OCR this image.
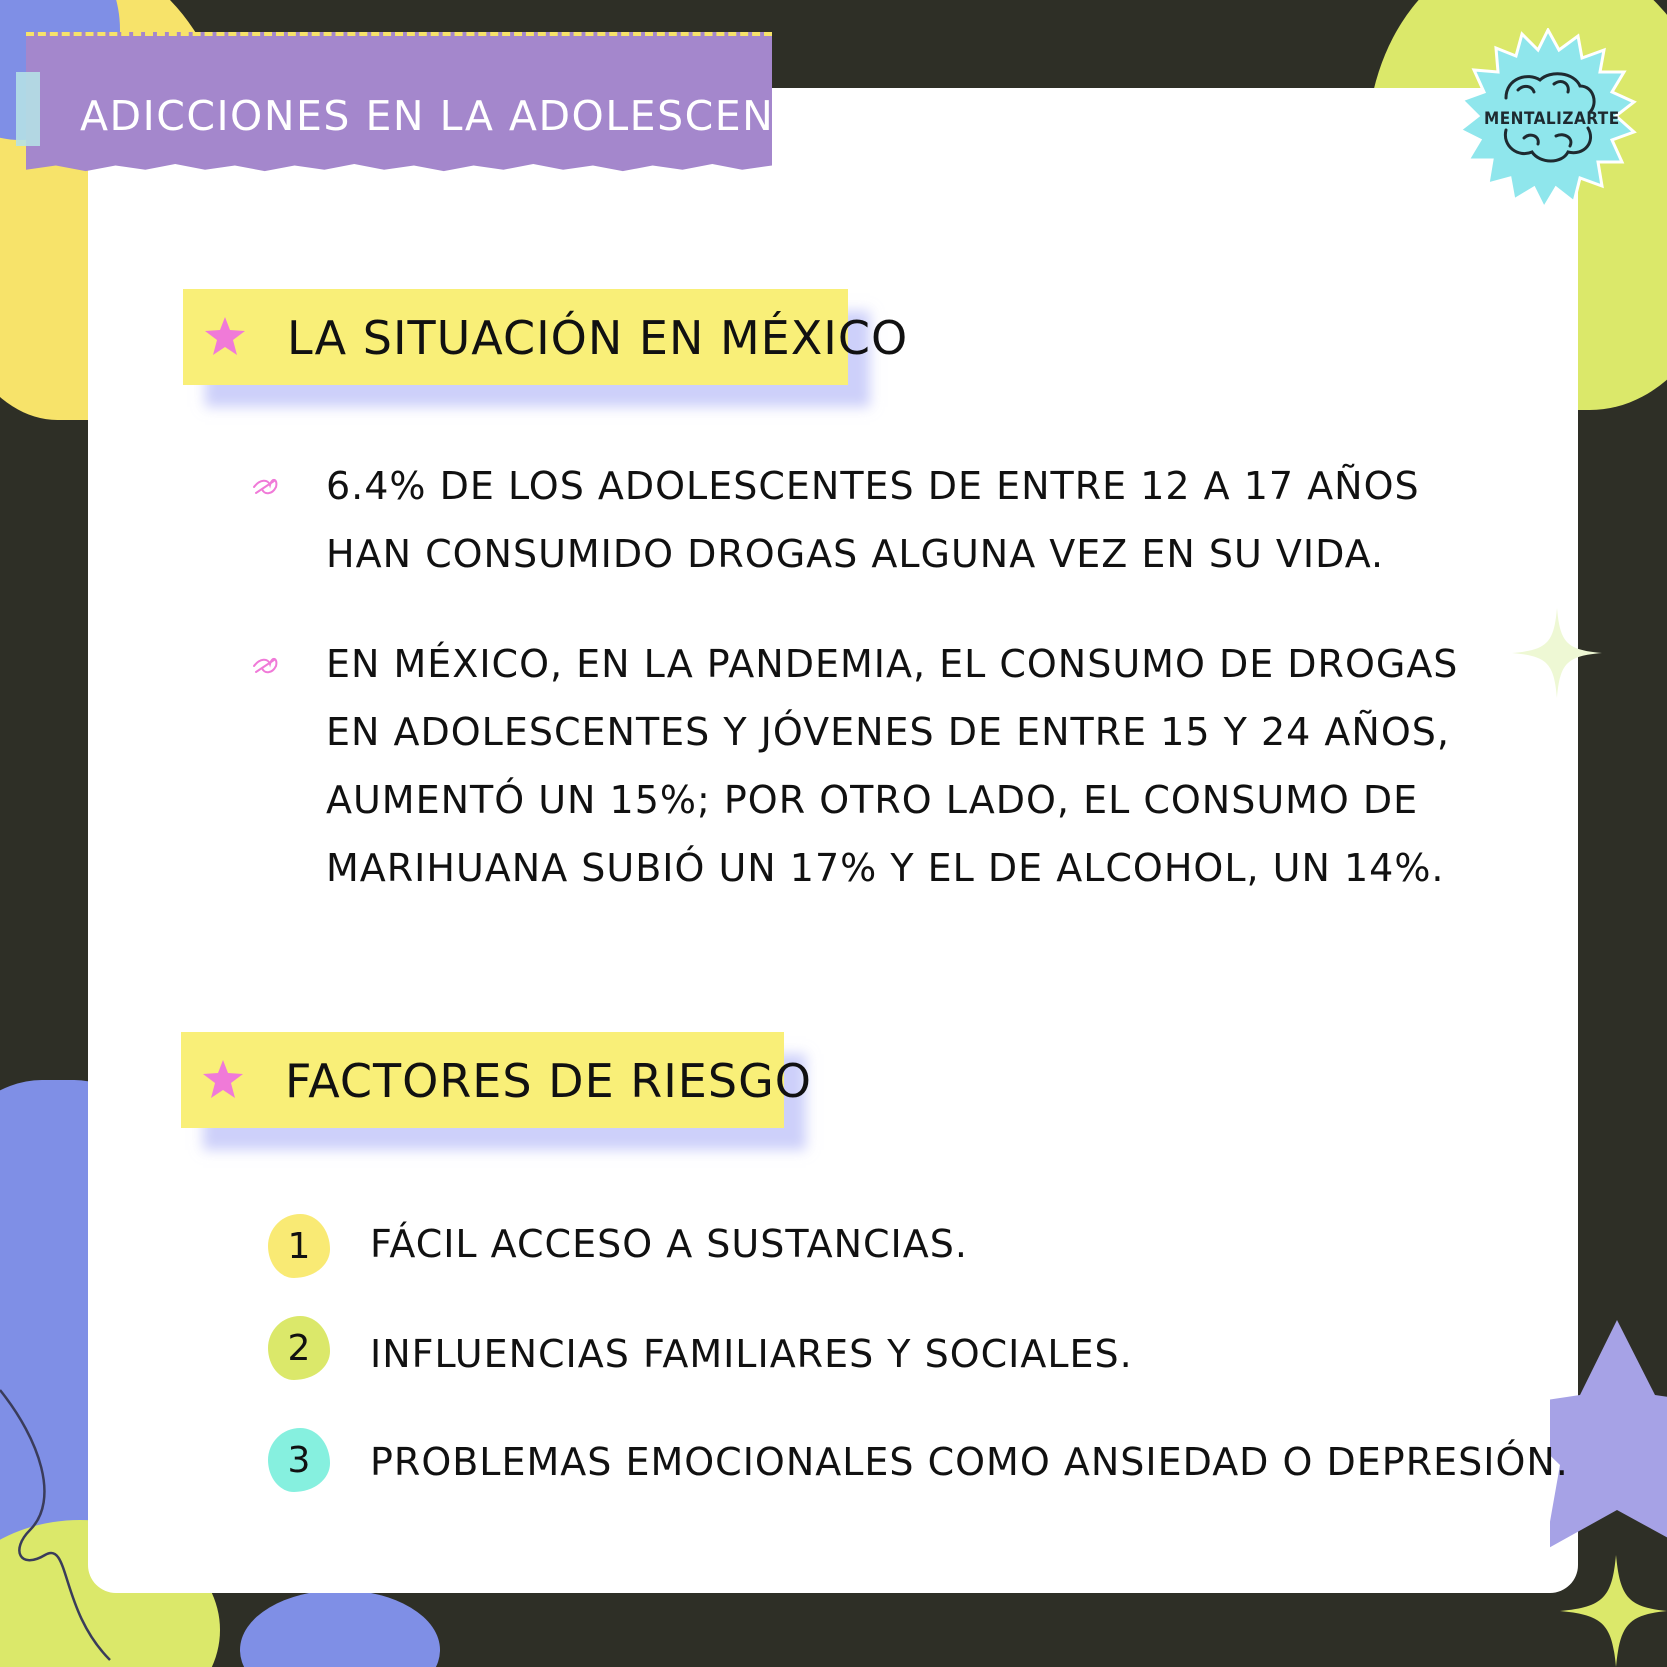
ADICCIONES EN LA ADOLESCENCIA	MENTALIZARTE
LA SITUACIÓN EN MÉXICO
6.4% DE LOS ADOLESCENTES DE ENTRE 12 A 17 AÑOS
HAN CONSUMIDO DROGAS ALGUNA VEZ EN SU VIDA.
EN MÉXICO, EN LA PANDEMIA, EL CONSUMO DE DROGAS
EN ADOLESCENTES Y JÓVENES DE ENTRE 15 Y 24 AÑOS,
AUMENTÓ UN 15%; POR OTRO LADO, EL CONSUMO DE
MARIHUANA SUBIÓ UN 17% Y EL DE ALCOHOL, UN 14%.
FACTORES DE RIESGO
1	FÁCIL ACCESO A SUSTANCIAS.
2	INFLUENCIAS FAMILIARES Y SOCIALES.
3	PROBLEMAS EMOCIONALES COMO ANSIEDAD O DEPRESIÓN.
